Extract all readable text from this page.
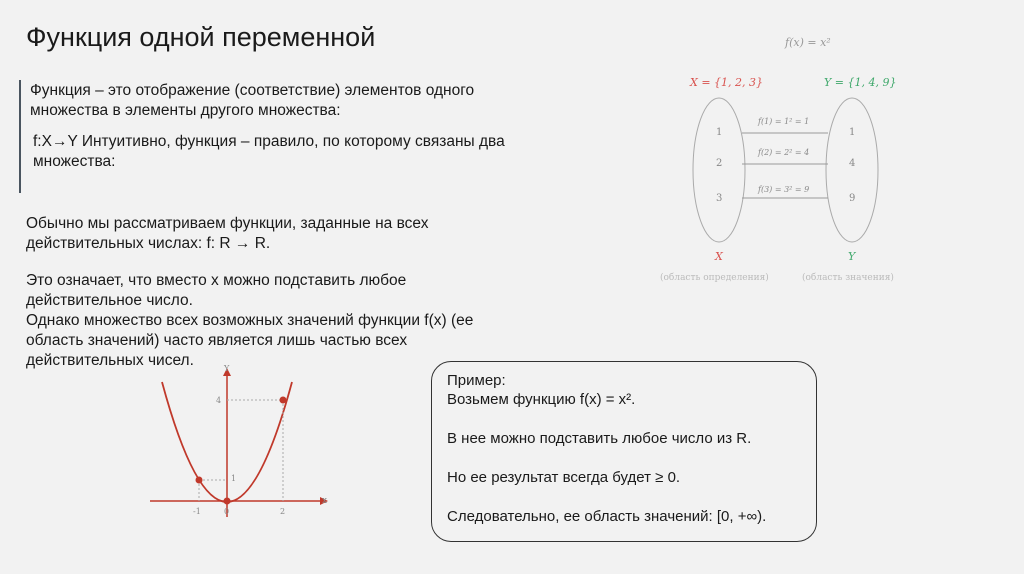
Функция одной переменной
Функция – это отображение (соответствие) элементов одного
множества в элементы другого множества:
f:X→Y Интуитивно, функция – правило, по которому связаны два
множества:
Обычно мы рассматриваем функции, заданные на всех
действительных числах: f: R → R.
Это означает, что вместо x можно подставить любое
действительное число.
Однако множество всех возможных значений функции f(x) (ее
область значений) часто является лишь частью всех
действительных чисел.
f(x) = x²
X = {1, 2, 3}	Y = {1, 4, 9}
1
2
3
1
4
9
f(1) = 1² = 1
f(2) = 2² = 4
f(3) = 3² = 9
X	Y
(область определения)	(область значения)
x
Y
-1	0	2
1
4
Пример:
Возьмем функцию f(x) = x².
В нее можно подставить любое число из R.
Но ее результат всегда будет ≥ 0.
Следовательно, ее область значений: [0, +∞).
